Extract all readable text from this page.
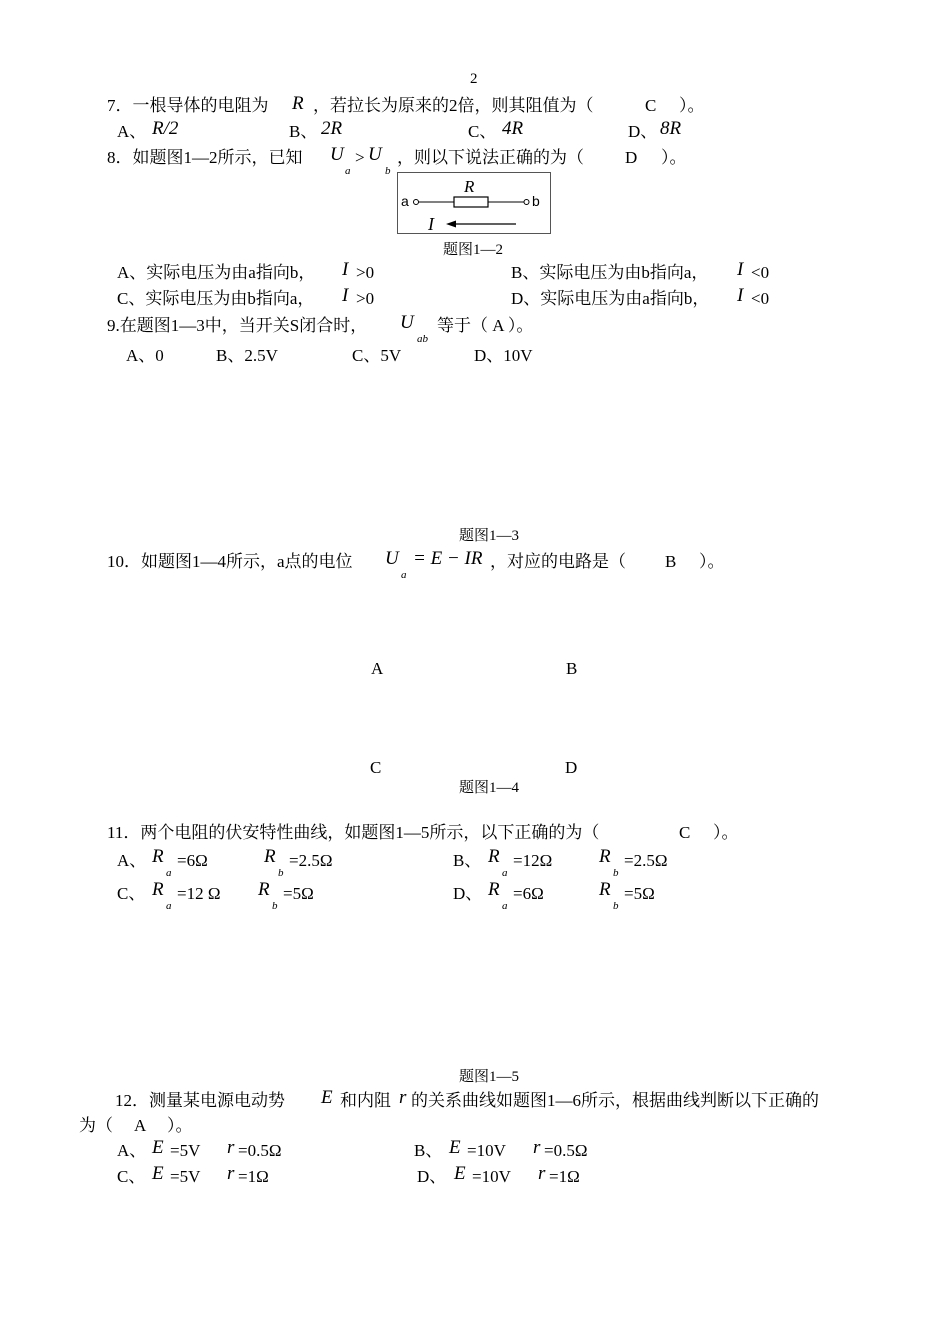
2
7．一根导体的电阻为 R ，若拉长为原来的2倍，则其阻值为（	C ）。
A、 R/2	B、 2R	C、 4R	D、 8R
8．如题图1—2所示，已知 U
a
> U
b
，则以下说法正确的为（ D ）。
a	b
R
I
题图1—2
A、实际电压为由a指向b， I >0	B、实际电压为由b指向a， I <0
C、实际电压为由b指向a， I >0	D、实际电压为由a指向b， I <0
9.在题图1—3中，当开关S闭合时， U
ab
等于（ A ）。
A、0	B、2.5V	C、5V	D、10V
题图1—3
10．如题图1—4所示，a点的电位 U
a
= E − IR ，对应的电路是（ B ）。
A	B
C	D
题图1—4
11．两个电阻的伏安特性曲线，如题图1—5所示，以下正确的为（	C ）。
A、 R
a
=6Ω	R
b
=2.5Ω	B、 R
a
=12Ω R
b
=2.5Ω
C、 R
a
=12 Ω R
b
=5Ω	D、 R
a
=6Ω	R
b
=5Ω
题图1—5
12．测量某电源电动势 E 和内阻 r 的关系曲线如题图1—6所示，根据曲线判断以下正确的
为（ A ）。
A、 E =5V r =0.5Ω	B、 E =10V r =0.5Ω
C、 E =5V r =1Ω	D、 E =10V r =1Ω
